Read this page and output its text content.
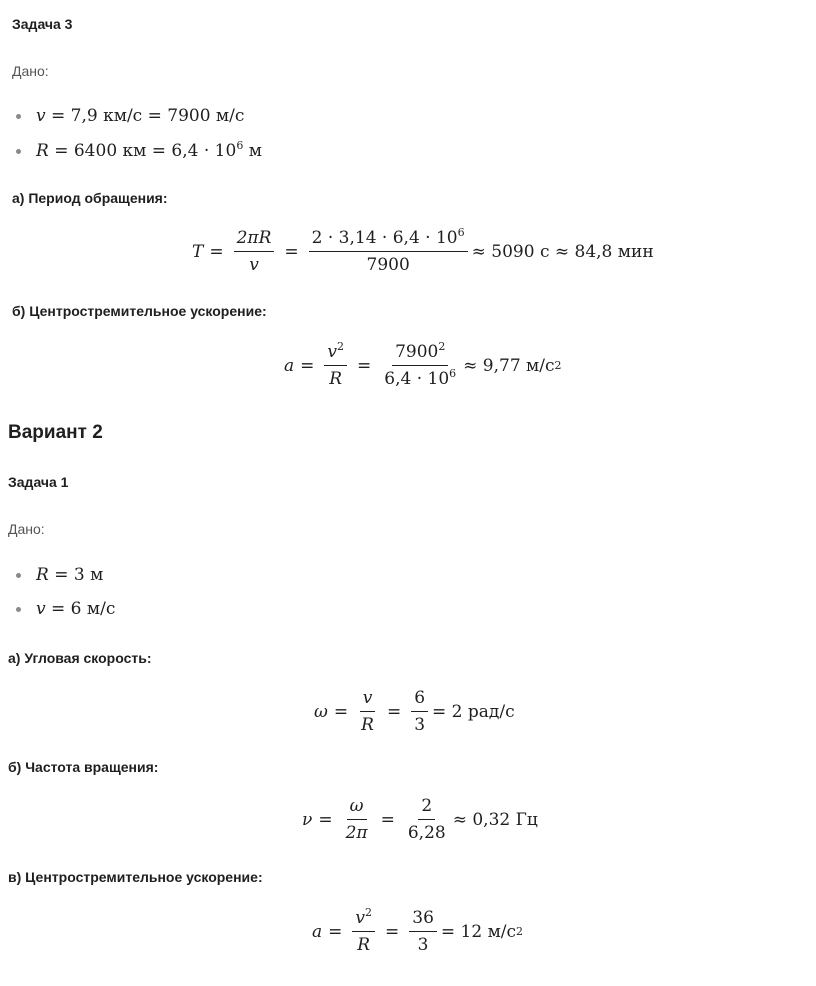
Задача 3
Дано:
v = 7,9 км/с = 7900 м/с
R = 6400 км = $6,4 \cdot 10^6$ м
а) Период обращения:
$T = \frac{2\pi R}{v} = \frac{2 \cdot 3,14 \cdot 6,4 \cdot 10^6}{7900} \approx 5090$ с ≈ 84,8 мин
б) Центростремительное ускорение:
$a = \frac{v^2}{R} = \frac{7900^2}{6,4 \cdot 10^6} \approx 9,77$ м/с 2
Вариант 2
Задача 1
Дано:
R = 3 м
v = 6 м/с
а) Угловая скорость:
$\omega = \frac{v}{R} = \frac{6}{3} = 2$ рад/с
б) Частота вращения:
$\nu = \frac{\omega}{2\pi} = \frac{2}{6,28} \approx 0,32$ Гц
в) Центростремительное ускорение:
$a = \frac{v^2}{R} = \frac{36}{3} = 12$ м/с 2
